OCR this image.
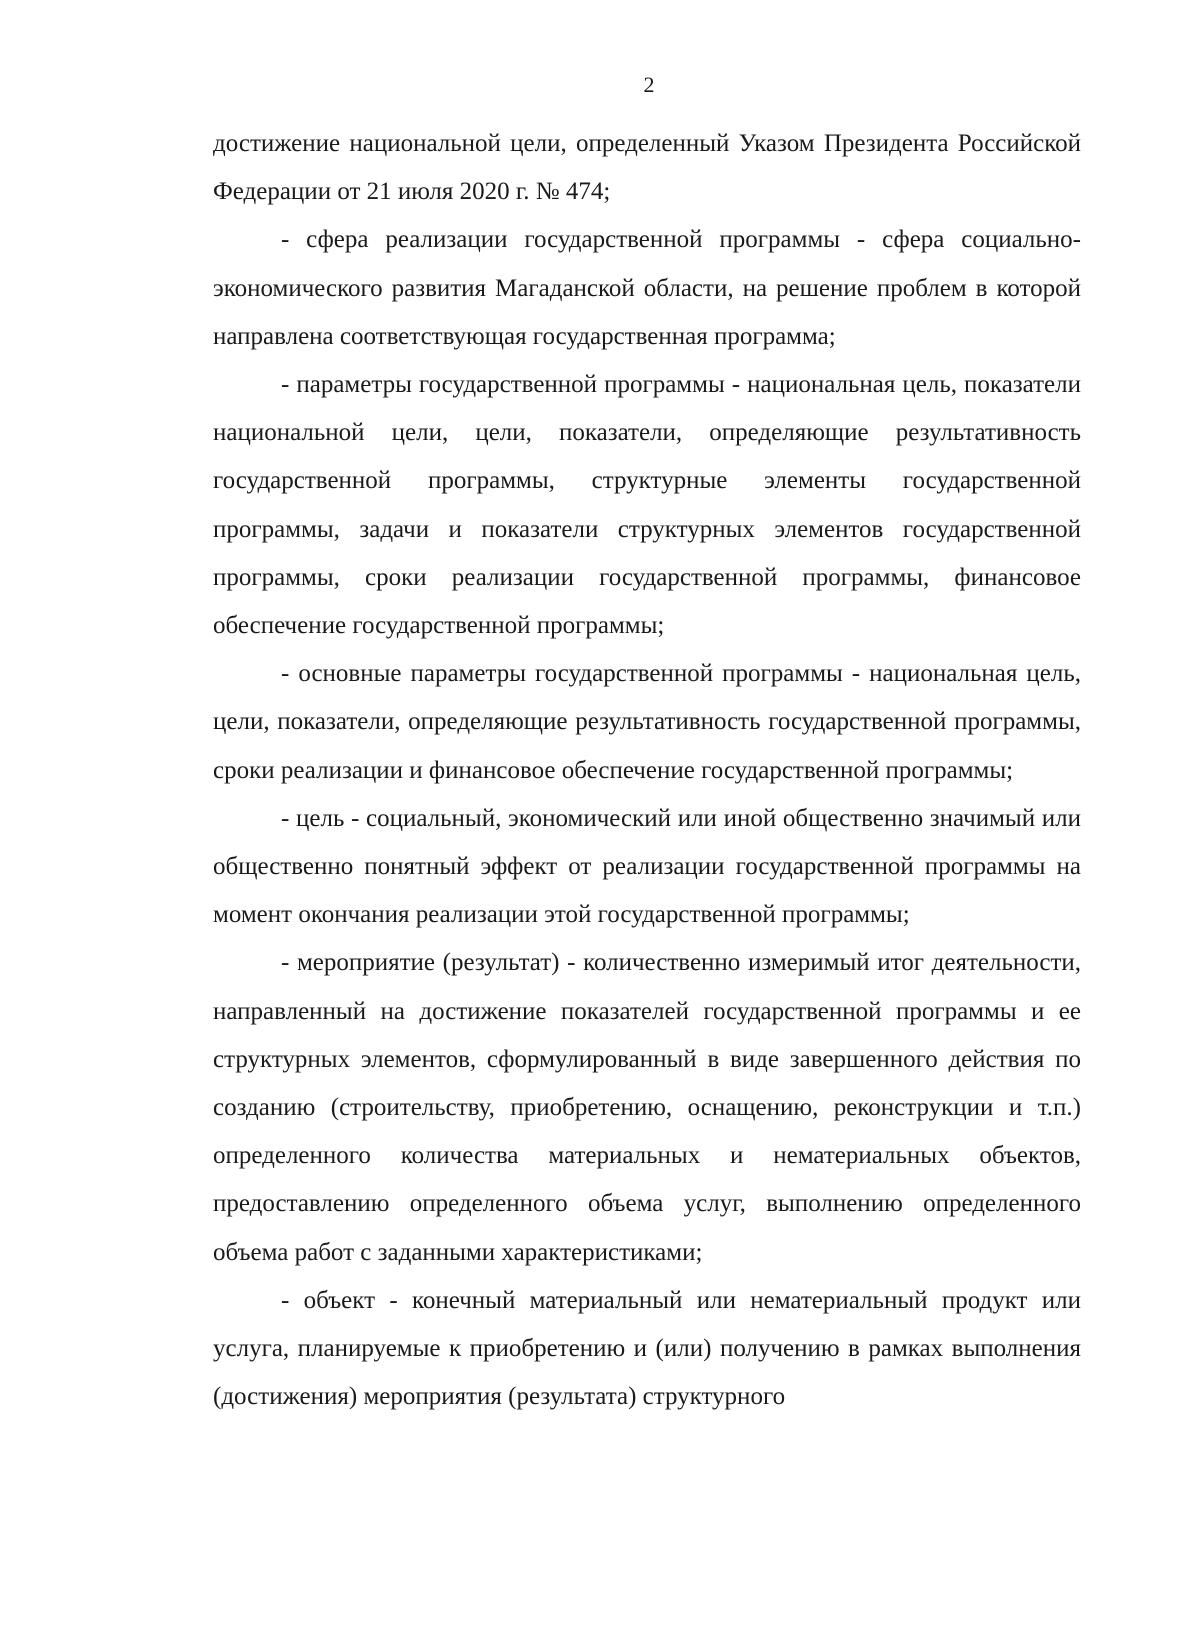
2

достижение национальной цели, определенный Указом Президента Российской Федерации от 21 июля 2020 г. № 474;

- сфера реализации государственной программы - сфера социально-экономического развития Магаданской области, на решение проблем в которой направлена соответствующая государственная программа;

- параметры государственной программы - национальная цель, показатели национальной цели, цели, показатели, определяющие результативность государственной программы, структурные элементы государственной программы, задачи и показатели структурных элементов государственной программы, сроки реализации государственной программы, финансовое обеспечение государственной программы;

- основные параметры государственной программы - национальная цель, цели, показатели, определяющие результативность государственной программы, сроки реализации и финансовое обеспечение государственной программы;

- цель - социальный, экономический или иной общественно значимый или общественно понятный эффект от реализации государственной программы на момент окончания реализации этой государственной программы;

- мероприятие (результат) - количественно измеримый итог деятельности, направленный на достижение показателей государственной программы и ее структурных элементов, сформулированный в виде завершенного действия по созданию (строительству, приобретению, оснащению, реконструкции и т.п.) определенного количества материальных и нематериальных объектов, предоставлению определенного объема услуг, выполнению определенного объема работ с заданными характеристиками;

- объект - конечный материальный или нематериальный продукт или услуга, планируемые к приобретению и (или) получению в рамках выполнения (достижения) мероприятия (результата) структурного
